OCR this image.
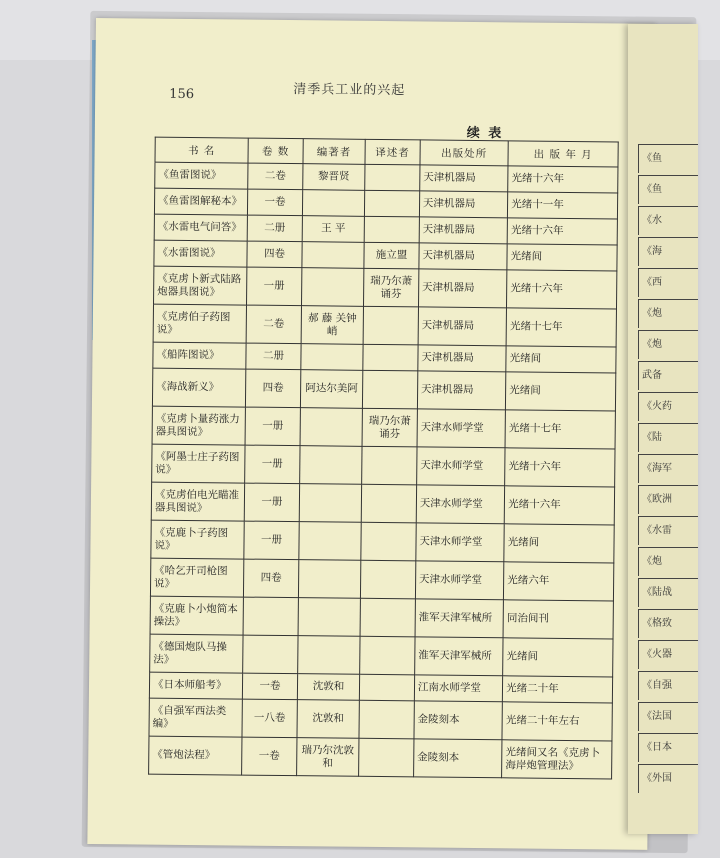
156	清季兵工业的兴起
续 表
书 名	卷 数	编著者	译述者	出版处所	出 版 年 月
《鱼雷图说》	二卷	黎晋贤		天津机器局	光绪十六年
《鱼雷图解秘本》	一卷			天津机器局	光绪十一年
《水雷电气问答》	二册	王 平		天津机器局	光绪十六年
《水雷图说》	四卷		施立盟	天津机器局	光绪间
《克虏卜新式陆路炮器具图说》	一册		瑞乃尔萧诵芬	天津机器局	光绪十六年
《克虏伯子药图说》	二卷	郝 藤 关钟峭		天津机器局	光绪十七年
《船阵图说》	二册			天津机器局	光绪间
《海战新义》	四卷	阿达尔美阿		天津机器局	光绪间
《克虏卜量药涨力器具图说》	一册		瑞乃尔萧诵芬	天津水师学堂	光绪十七年
《阿墨士庄子药图说》	一册			天津水师学堂	光绪十六年
《克虏伯电光瞄准器具图说》	一册			天津水师学堂	光绪十六年
《克鹿卜子药图说》	一册			天津水师学堂	光绪间
《哈乞开司枪图说》	四卷			天津水师学堂	光绪六年
《克鹿卜小炮简本操法》				淮军天津军械所	同治间刊
《德国炮队马操法》				淮军天津军械所	光绪间
《日本师船考》	一卷	沈敦和		江南水师学堂	光绪二十年
《自强军西法类编》	一八卷	沈敦和		金陵刻本	光绪二十年左右
《管炮法程》	一卷	瑞乃尔沈敦和		金陵刻本	光绪间又名《克虏卜海岸炮管理法》
《鱼
《鱼
《水
《海
《西
《炮
《炮
武备
《火药
《陆
《海军
《欧洲
《水雷
《炮
《陆战
《格致
《火器
《自强
《法国
《日本
《外国
